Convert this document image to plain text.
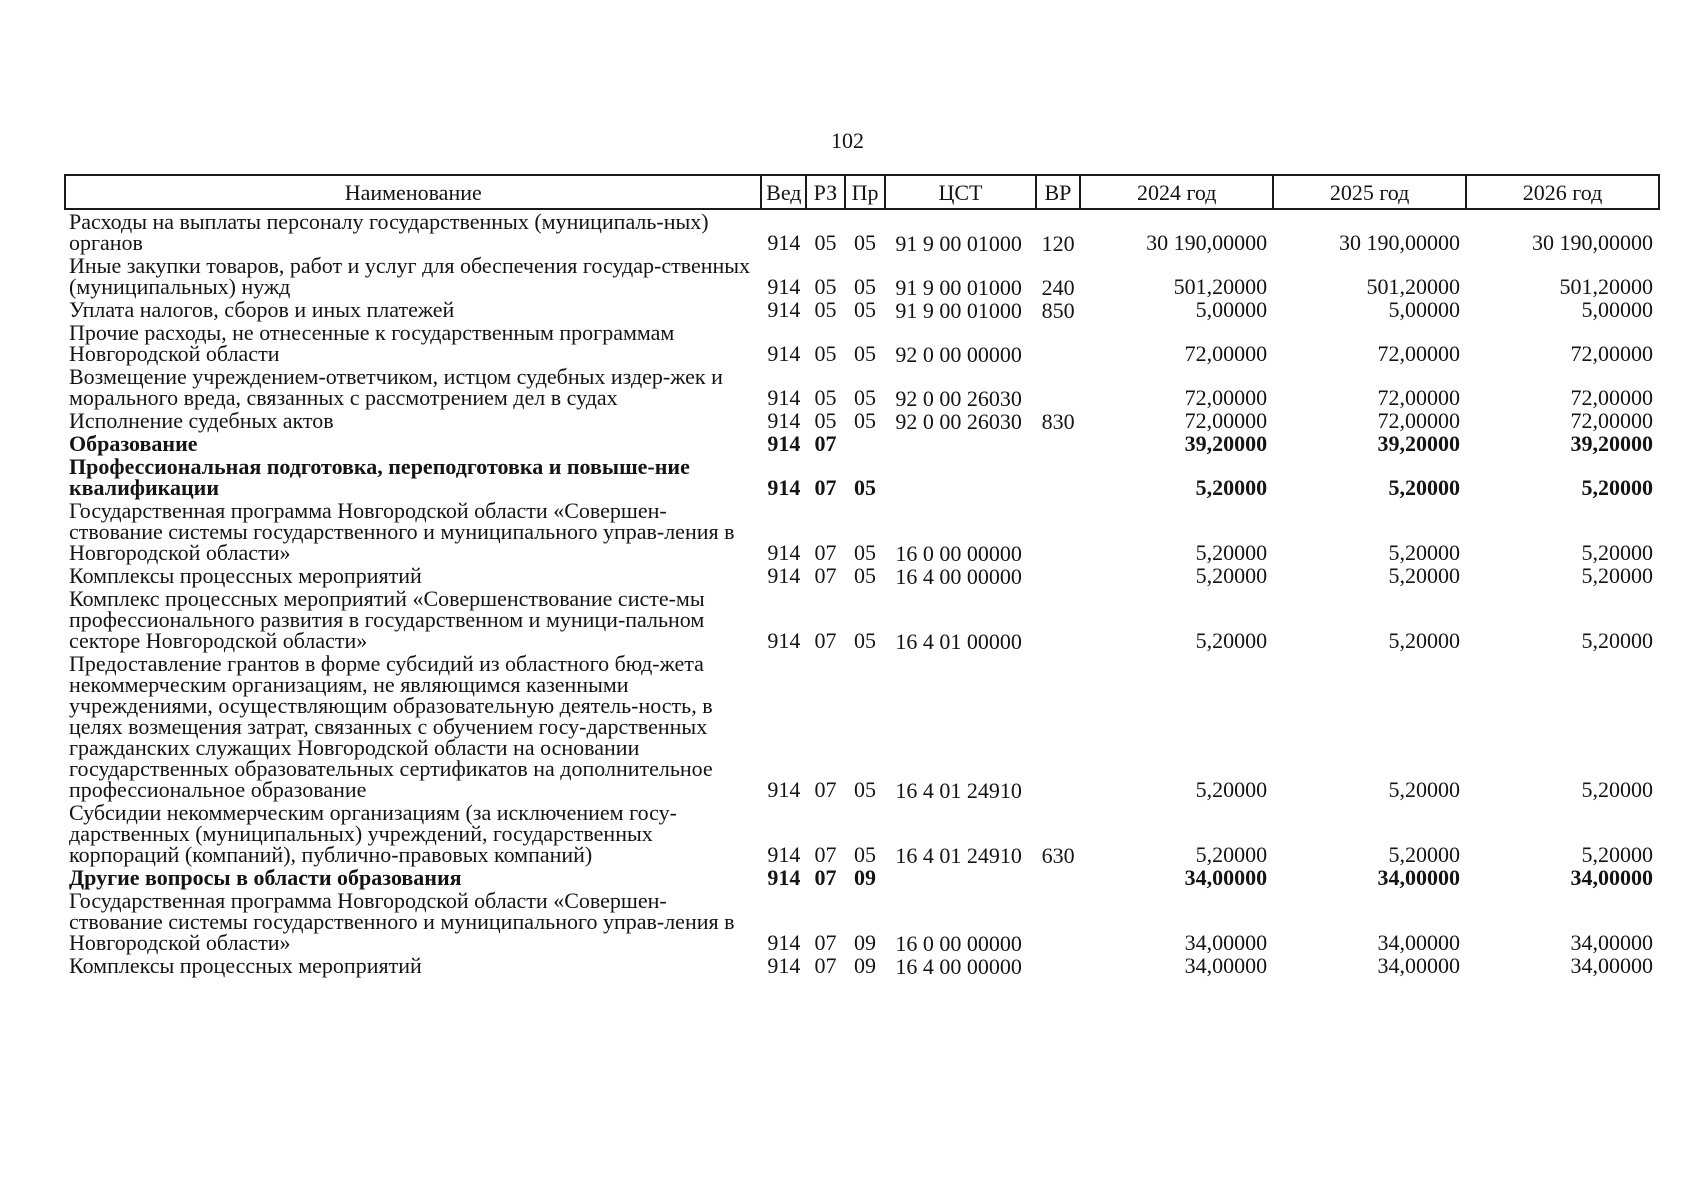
102
Наименование	Вед	РЗ	Пр	ЦСТ	ВР	2024 год	2025 год	2026 год
Расходы на выплаты персоналу государственных (муниципаль-ных) органов	914	05	05	91 9 00 01000	120	30 190,00000	30 190,00000	30 190,00000
Иные закупки товаров, работ и услуг для обеспечения государ-ственных (муниципальных) нужд	914	05	05	91 9 00 01000	240	501,20000	501,20000	501,20000
Уплата налогов, сборов и иных платежей	914	05	05	91 9 00 01000	850	5,00000	5,00000	5,00000
Прочие расходы, не отнесенные к государственным программам Новгородской области	914	05	05	92 0 00 00000		72,00000	72,00000	72,00000
Возмещение учреждением-ответчиком, истцом судебных издер-жек и морального вреда, связанных с рассмотрением дел в судах	914	05	05	92 0 00 26030		72,00000	72,00000	72,00000
Исполнение судебных актов	914	05	05	92 0 00 26030	830	72,00000	72,00000	72,00000
Образование	914	07				39,20000	39,20000	39,20000
Профессиональная подготовка, переподготовка и повыше-ние квалификации	914	07	05			5,20000	5,20000	5,20000
Государственная программа Новгородской области «Совершен-ствование системы государственного и муниципального управ-ления в Новгородской области»	914	07	05	16 0 00 00000		5,20000	5,20000	5,20000
Комплексы процессных мероприятий	914	07	05	16 4 00 00000		5,20000	5,20000	5,20000
Комплекс процессных мероприятий «Совершенствование систе-мы профессионального развития в государственном и муници-пальном секторе Новгородской области»	914	07	05	16 4 01 00000		5,20000	5,20000	5,20000
Предоставление грантов в форме субсидий из областного бюд-жета некоммерческим организациям, не являющимся казенными учреждениями, осуществляющим образовательную деятель-ность, в целях возмещения затрат, связанных с обучением госу-дарственных гражданских служащих Новгородской области на основании государственных образовательных сертификатов на дополнительное профессиональное образование	914	07	05	16 4 01 24910		5,20000	5,20000	5,20000
Субсидии некоммерческим организациям (за исключением госу-дарственных (муниципальных) учреждений, государственных корпораций (компаний), публично-правовых компаний)	914	07	05	16 4 01 24910	630	5,20000	5,20000	5,20000
Другие вопросы в области образования	914	07	09			34,00000	34,00000	34,00000
Государственная программа Новгородской области «Совершен-ствование системы государственного и муниципального управ-ления в Новгородской области»	914	07	09	16 0 00 00000		34,00000	34,00000	34,00000
Комплексы процессных мероприятий	914	07	09	16 4 00 00000		34,00000	34,00000	34,00000
